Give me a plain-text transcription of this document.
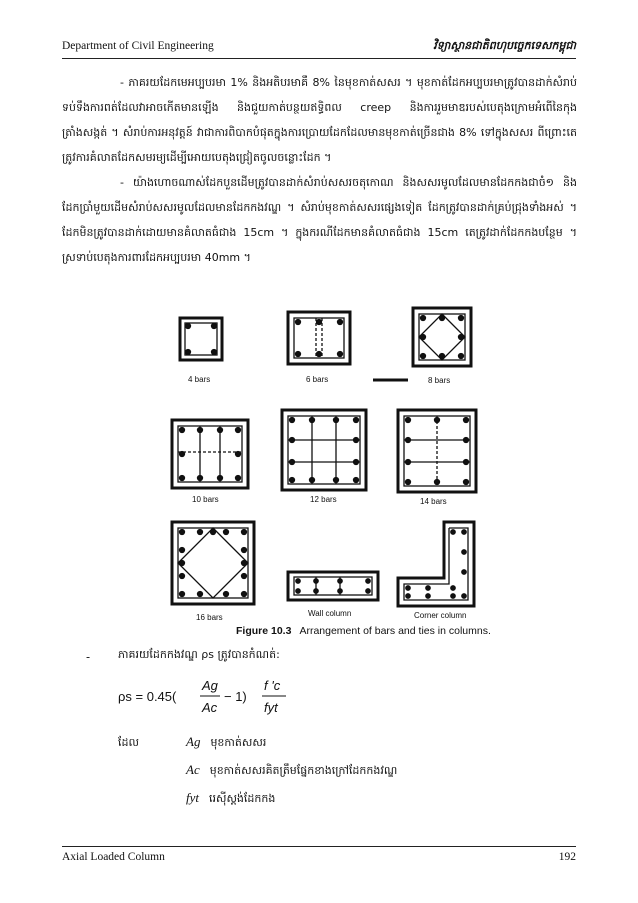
Department of Civil Engineering	វិទ្យាស្ថានជាតិពហុបច្ចេកទេសកម្ពុជា

- ភាគរយដែកមេអប្បបរមា 1% និងអតិបរមាគឺ 8% នៃមុខកាត់សសរ ។ មុខកាត់ដែកអប្បបរមាត្រូវបានដាក់សំរាប់ទប់ទឹងការពត់ដែលវាអាចកើតមានឡើង និងជួយកាត់បន្ថយឥទ្ធិពល creep និងការរួមមាឌរបស់បេតុងក្រោមអំពើនៃកុងត្រាំងសង្កត់ ។ សំរាប់ការអនុវត្តន៍ វាជាការពិបាកបំផុតក្នុងការប្រោយដែកដែលមានមុខកាត់ច្រើនជាង 8% ទៅក្នុងសសរ ពីព្រោះតេត្រូវការគំលាតដែកសមរម្យដើម្បីអោយបេតុងជ្រៀតចូលចន្លោះដែក ។

- យ៉ាងហោចណាស់ដែកបួនដើមត្រូវបានដាក់សំរាប់សសរចតុកោណ និងសសរមូលដែលមានដែកកងជាចំ១ និងដែកប្រាំមួយដើមសំរាប់សសរមូលដែលមានដែកកងវណ្ឌ ។ សំរាប់មុខកាត់សសរផ្សេងទៀត ដែកត្រូវបានដាក់គ្រប់ជ្រុងទាំងអស់ ។ ដែកមិនត្រូវបានដាក់ដោយមានគំលាតធំជាង 15cm ។ ក្នុងករណីដែកមានគំលាតធំជាង 15cm តេត្រូវដាក់ដែកកងបន្ថែម ។ ស្រទាប់បេតុងការពារដែកអប្បបរមា 40mm ។

4 bars	6 bars	8 bars
10 bars	12 bars	14 bars
16 bars	Wall column	Corner column
Figure 10.3 Arrangement of bars and ties in columns.
-	ភាគរយដែកកងវណ្ឌ ρs ត្រូវបានកំណត់:
ρs = 0.45(
Ag
Ac
− 1)
f 'c
fyt
ដែល	Ag មុខកាត់សសរ
Ac មុខកាត់សសរគិតត្រឹមផ្នែកខាងក្រៅដែកកងវណ្ឌ
fyt រេស៊ីស្តង់ដែកកង
Axial Loaded Column	192
